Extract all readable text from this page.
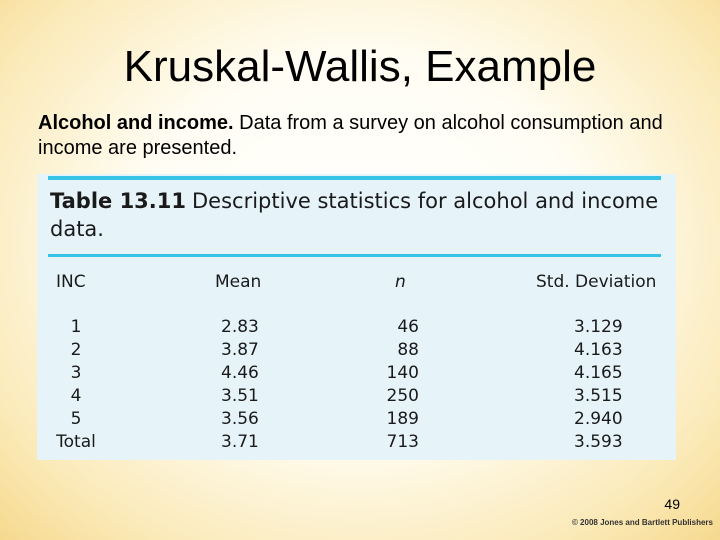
Kruskal-Wallis, Example
Alcohol and income. Data from a survey on alcohol consumption and income are presented.
Table 13.11 Descriptive statistics for alcohol and income data.
INC	Mean	n	Std. Deviation
1	2.83	46	3.129
2	3.87	88	4.163
3	4.46	140	4.165
4	3.51	250	3.515
5	3.56	189	2.940
Total	3.71	713	3.593
49
© 2008 Jones and Bartlett Publishers
